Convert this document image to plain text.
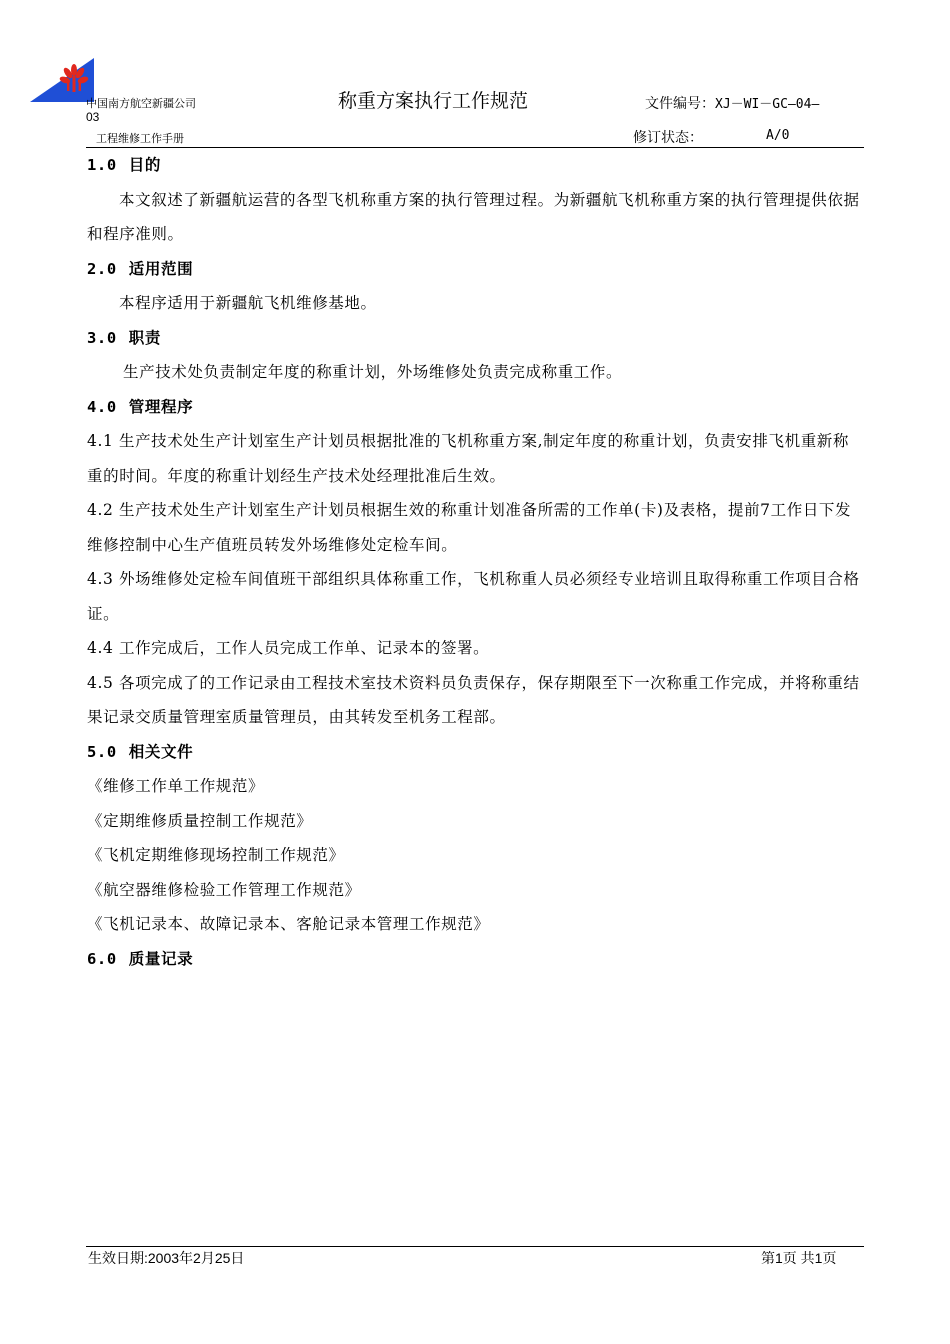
中国南方航空新疆公司
03
工程维修工作手册
称重方案执行工作规范	文件编号：XJ－WI－GC—04—
修订状态：	A/0

1.0 目的

本文叙述了新疆航运营的各型飞机称重方案的执行管理过程。为新疆航飞机称重方案的执行管理提供依据和程序准则。

2.0 适用范围

本程序适用于新疆航飞机维修基地。

3.0 职责

生产技术处负责制定年度的称重计划，外场维修处负责完成称重工作。

4.0 管理程序

4.1 生产技术处生产计划室生产计划员根据批准的飞机称重方案,制定年度的称重计划，负责安排飞机重新称重的时间。年度的称重计划经生产技术处经理批准后生效。

4.2 生产技术处生产计划室生产计划员根据生效的称重计划准备所需的工作单(卡)及表格，提前7工作日下发维修控制中心生产值班员转发外场维修处定检车间。

4.3 外场维修处定检车间值班干部组织具体称重工作，飞机称重人员必须经专业培训且取得称重工作项目合格证。

4.4 工作完成后，工作人员完成工作单、记录本的签署。

4.5 各项完成了的工作记录由工程技术室技术资料员负责保存，保存期限至下一次称重工作完成，并将称重结果记录交质量管理室质量管理员，由其转发至机务工程部。

5.0 相关文件

《维修工作单工作规范》

《定期维修质量控制工作规范》

《飞机定期维修现场控制工作规范》

《航空器维修检验工作管理工作规范》

《飞机记录本、故障记录本、客舱记录本管理工作规范》

6.0 质量记录

生效日期:2003年2月25日	第1页 共1页
